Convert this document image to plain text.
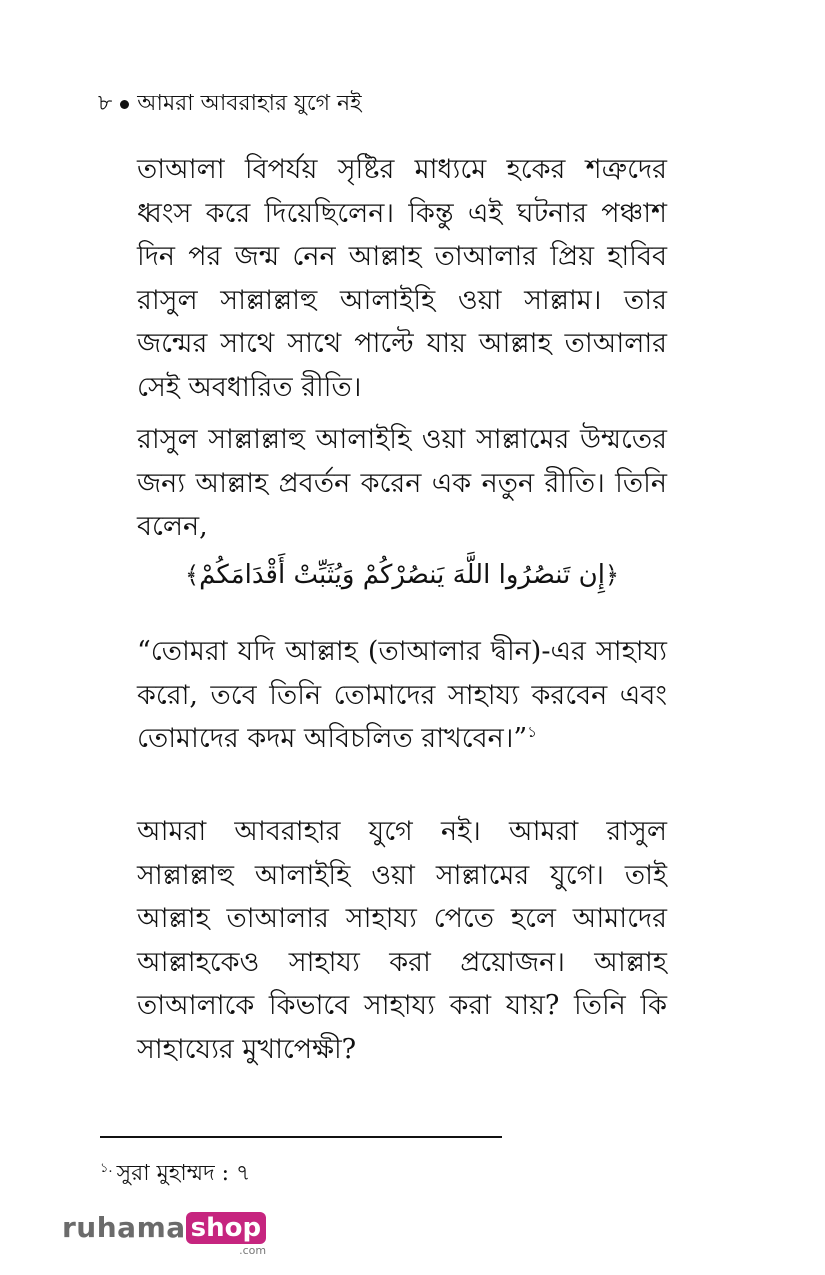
৮ আমরা আবরাহার যুগে নই
তাআলা বিপর্যয় সৃষ্টির মাধ্যমে হকের শত্রুদের ধ্বংস করে দিয়েছিলেন। কিন্তু এই ঘটনার পঞ্চাশ দিন পর জন্ম নেন আল্লাহ তাআলার প্রিয় হাবিব রাসুল সাল্লাল্লাহু আলাইহি ওয়া সাল্লাম। তার জন্মের সাথে সাথে পাল্টে যায় আল্লাহ তাআলার সেই অবধারিত রীতি।
রাসুল সাল্লাল্লাহু আলাইহি ওয়া সাল্লামের উম্মতের জন্য আল্লাহ প্রবর্তন করেন এক নতুন রীতি। তিনি বলেন,
﴿إِن تَنصُرُوا اللَّهَ يَنصُرْكُمْ وَيُثَبِّتْ أَقْدَامَكُمْ﴾
“তোমরা যদি আল্লাহ (তাআলার দ্বীন)-এর সাহায্য করো, তবে তিনি তোমাদের সাহায্য করবেন এবং তোমাদের কদম অবিচলিত রাখবেন।”$^১$
আমরা আবরাহার যুগে নই। আমরা রাসুল সাল্লাল্লাহু আলাইহি ওয়া সাল্লামের যুগে। তাই আল্লাহ তাআলার সাহায্য পেতে হলে আমাদের আল্লাহকেও সাহায্য করা প্রয়োজন। আল্লাহ তাআলাকে কিভাবে সাহায্য করা যায়? তিনি কি সাহায্যের মুখাপেক্ষী?
$^{১.}$ সুরা মুহাম্মদ : ৭
ruhama shop
.com
